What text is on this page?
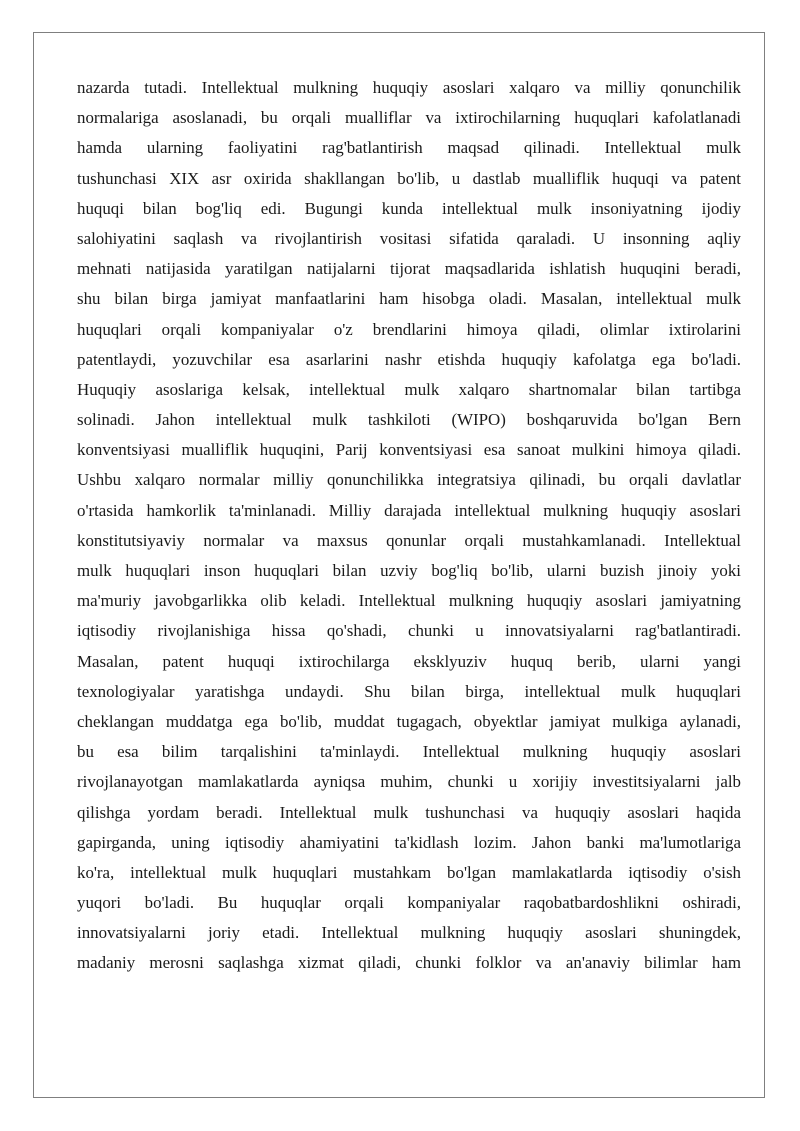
nazarda tutadi. Intellektual mulkning huquqiy asoslari xalqaro va milliy qonunchilik
normalariga asoslanadi, bu orqali mualliflar va ixtirochilarning huquqlari kafolatlanadi
hamda ularning faoliyatini rag'batlantirish maqsad qilinadi. Intellektual mulk
tushunchasi XIX asr oxirida shakllangan bo'lib, u dastlab mualliflik huquqi va patent
huquqi bilan bog'liq edi. Bugungi kunda intellektual mulk insoniyatning ijodiy
salohiyatini saqlash va rivojlantirish vositasi sifatida qaraladi. U insonning aqliy
mehnati natijasida yaratilgan natijalarni tijorat maqsadlarida ishlatish huquqini beradi,
shu bilan birga jamiyat manfaatlarini ham hisobga oladi. Masalan, intellektual mulk
huquqlari orqali kompaniyalar o'z brendlarini himoya qiladi, olimlar ixtirolarini
patentlaydi, yozuvchilar esa asarlarini nashr etishda huquqiy kafolatga ega bo'ladi.
Huquqiy asoslariga kelsak, intellektual mulk xalqaro shartnomalar bilan tartibga
solinadi. Jahon intellektual mulk tashkiloti (WIPO) boshqaruvida bo'lgan Bern
konventsiyasi mualliflik huquqini, Parij konventsiyasi esa sanoat mulkini himoya qiladi.
Ushbu xalqaro normalar milliy qonunchilikka integratsiya qilinadi, bu orqali davlatlar
o'rtasida hamkorlik ta'minlanadi. Milliy darajada intellektual mulkning huquqiy asoslari
konstitutsiyaviy normalar va maxsus qonunlar orqali mustahkamlanadi. Intellektual
mulk huquqlari inson huquqlari bilan uzviy bog'liq bo'lib, ularni buzish jinoiy yoki
ma'muriy javobgarlikka olib keladi. Intellektual mulkning huquqiy asoslari jamiyatning
iqtisodiy rivojlanishiga hissa qo'shadi, chunki u innovatsiyalarni rag'batlantiradi.
Masalan, patent huquqi ixtirochilarga eksklyuziv huquq berib, ularni yangi
texnologiyalar yaratishga undaydi. Shu bilan birga, intellektual mulk huquqlari
cheklangan muddatga ega bo'lib, muddat tugagach, obyektlar jamiyat mulkiga aylanadi,
bu esa bilim tarqalishini ta'minlaydi. Intellektual mulkning huquqiy asoslari
rivojlanayotgan mamlakatlarda ayniqsa muhim, chunki u xorijiy investitsiyalarni jalb
qilishga yordam beradi. Intellektual mulk tushunchasi va huquqiy asoslari haqida
gapirganda, uning iqtisodiy ahamiyatini ta'kidlash lozim. Jahon banki ma'lumotlariga
ko'ra, intellektual mulk huquqlari mustahkam bo'lgan mamlakatlarda iqtisodiy o'sish
yuqori bo'ladi. Bu huquqlar orqali kompaniyalar raqobatbardoshlikni oshiradi,
innovatsiyalarni joriy etadi. Intellektual mulkning huquqiy asoslari shuningdek,
madaniy merosni saqlashga xizmat qiladi, chunki folklor va an'anaviy bilimlar ham
